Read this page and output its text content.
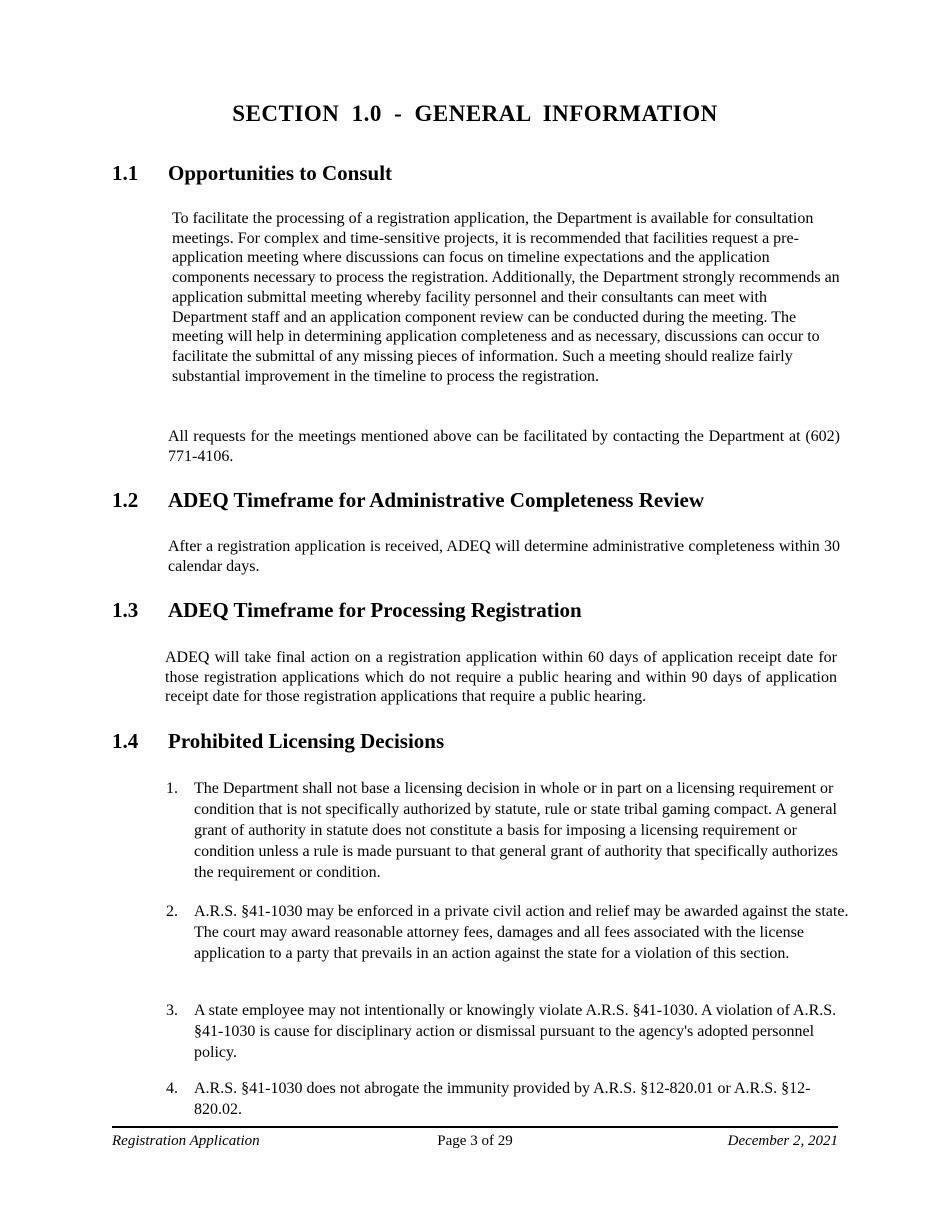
SECTION 1.0 - GENERAL INFORMATION
1.1 Opportunities to Consult

To facilitate the processing of a registration application, the Department is available for consultation meetings. For complex and time-sensitive projects, it is recommended that facilities request a pre-application meeting where discussions can focus on timeline expectations and the application components necessary to process the registration. Additionally, the Department strongly recommends an application submittal meeting whereby facility personnel and their consultants can meet with Department staff and an application component review can be conducted during the meeting. The meeting will help in determining application completeness and as necessary, discussions can occur to facilitate the submittal of any missing pieces of information. Such a meeting should realize fairly substantial improvement in the timeline to process the registration.

All requests for the meetings mentioned above can be facilitated by contacting the Department at (602) 771-4106.

1.2 ADEQ Timeframe for Administrative Completeness Review

After a registration application is received, ADEQ will determine administrative completeness within 30 calendar days.

1.3 ADEQ Timeframe for Processing Registration

ADEQ will take final action on a registration application within 60 days of application receipt date for those registration applications which do not require a public hearing and within 90 days of application receipt date for those registration applications that require a public hearing.

1.4 Prohibited Licensing Decisions
1.	The Department shall not base a licensing decision in whole or in part on a licensing requirement or condition that is not specifically authorized by statute, rule or state tribal gaming compact. A general grant of authority in statute does not constitute a basis for imposing a licensing requirement or condition unless a rule is made pursuant to that general grant of authority that specifically authorizes the requirement or condition.
2.	A.R.S. §41-1030 may be enforced in a private civil action and relief may be awarded against the state. The court may award reasonable attorney fees, damages and all fees associated with the license application to a party that prevails in an action against the state for a violation of this section.
3.	A state employee may not intentionally or knowingly violate A.R.S. §41-1030. A violation of A.R.S. §41-1030 is cause for disciplinary action or dismissal pursuant to the agency's adopted personnel policy.
4.	A.R.S. §41-1030 does not abrogate the immunity provided by A.R.S. §12-820.01 or A.R.S. §12-820.02.
Registration Application	Page 3 of 29	December 2, 2021
